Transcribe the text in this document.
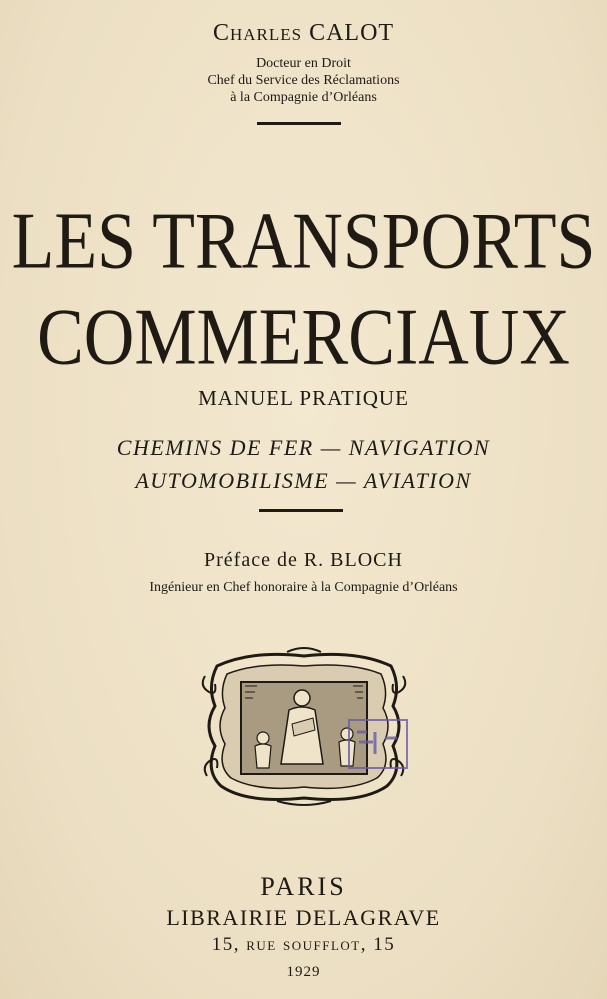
Charles CALOT
Docteur en Droit
Chef du Service des Réclamations
à la Compagnie d’Orléans
LES TRANSPORTS
COMMERCIAUX
MANUEL PRATIQUE
CHEMINS DE FER — NAVIGATION
AUTOMOBILISME — AVIATION
Préface de R. BLOCH
Ingénieur en Chef honoraire à la Compagnie d’Orléans
PARIS
LIBRAIRIE DELAGRAVE
15, rue soufflot, 15
1929
